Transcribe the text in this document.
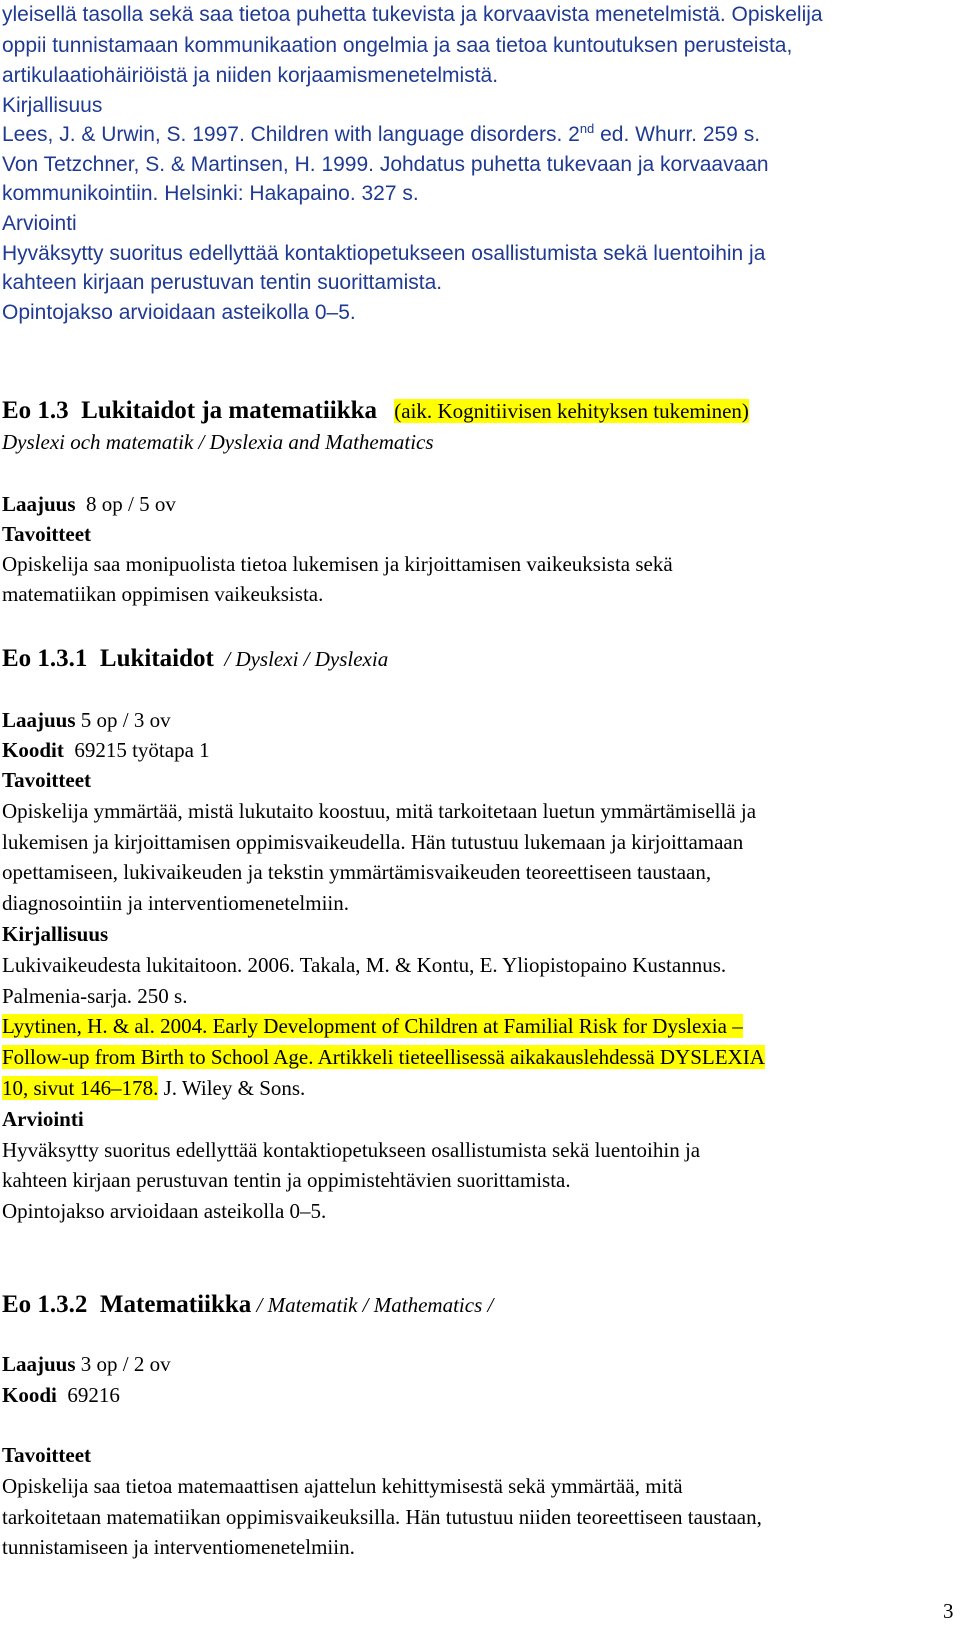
yleisellä tasolla sekä saa tietoa puhetta tukevista ja korvaavista menetelmistä. Opiskelija
oppii tunnistamaan kommunikaation ongelmia ja saa tietoa kuntoutuksen perusteista,
artikulaatiohäiriöistä ja niiden korjaamismenetelmistä.
Kirjallisuus
Lees, J. & Urwin, S. 1997. Children with language disorders. 2nd ed. Whurr. 259 s.
Von Tetzchner, S. & Martinsen, H. 1999. Johdatus puhetta tukevaan ja korvaavaan
kommunikointiin. Helsinki: Hakapaino. 327 s.
Arviointi
Hyväksytty suoritus edellyttää kontaktiopetukseen osallistumista sekä luentoihin ja
kahteen kirjaan perustuvan tentin suorittamista.
Opintojakso arvioidaan asteikolla 0–5.
Eo 1.3  Lukitaidot ja matematiikka (aik. Kognitiivisen kehityksen tukeminen)
Dyslexi och matematik / Dyslexia and Mathematics
Laajuus  8 op / 5 ov
Tavoitteet
Opiskelija saa monipuolista tietoa lukemisen ja kirjoittamisen vaikeuksista sekä
matematiikan oppimisen vaikeuksista.
Eo 1.3.1  Lukitaidot  / Dyslexi / Dyslexia
Laajuus 5 op / 3 ov
Koodit  69215 työtapa 1
Tavoitteet
Opiskelija ymmärtää, mistä lukutaito koostuu, mitä tarkoitetaan luetun ymmärtämisellä ja
lukemisen ja kirjoittamisen oppimisvaikeudella. Hän tutustuu lukemaan ja kirjoittamaan
opettamiseen, lukivaikeuden ja tekstin ymmärtämisvaikeuden teoreettiseen taustaan,
diagnosointiin ja interventiomenetelmiin.
Kirjallisuus
Lukivaikeudesta lukitaitoon. 2006. Takala, M. & Kontu, E. Yliopistopaino Kustannus.
Palmenia-sarja. 250 s.
Lyytinen, H. & al. 2004. Early Development of Children at Familial Risk for Dyslexia –
Follow-up from Birth to School Age. Artikkeli tieteellisessä aikakauslehdessä DYSLEXIA
10, sivut 146–178. J. Wiley & Sons.
Arviointi
Hyväksytty suoritus edellyttää kontaktiopetukseen osallistumista sekä luentoihin ja
kahteen kirjaan perustuvan tentin ja oppimistehtävien suorittamista.
Opintojakso arvioidaan asteikolla 0–5.
Eo 1.3.2  Matematiikka / Matematik / Mathematics /
Laajuus 3 op / 2 ov
Koodi  69216
Tavoitteet
Opiskelija saa tietoa matemaattisen ajattelun kehittymisestä sekä ymmärtää, mitä
tarkoitetaan matematiikan oppimisvaikeuksilla. Hän tutustuu niiden teoreettiseen taustaan,
tunnistamiseen ja interventiomenetelmiin.
3
